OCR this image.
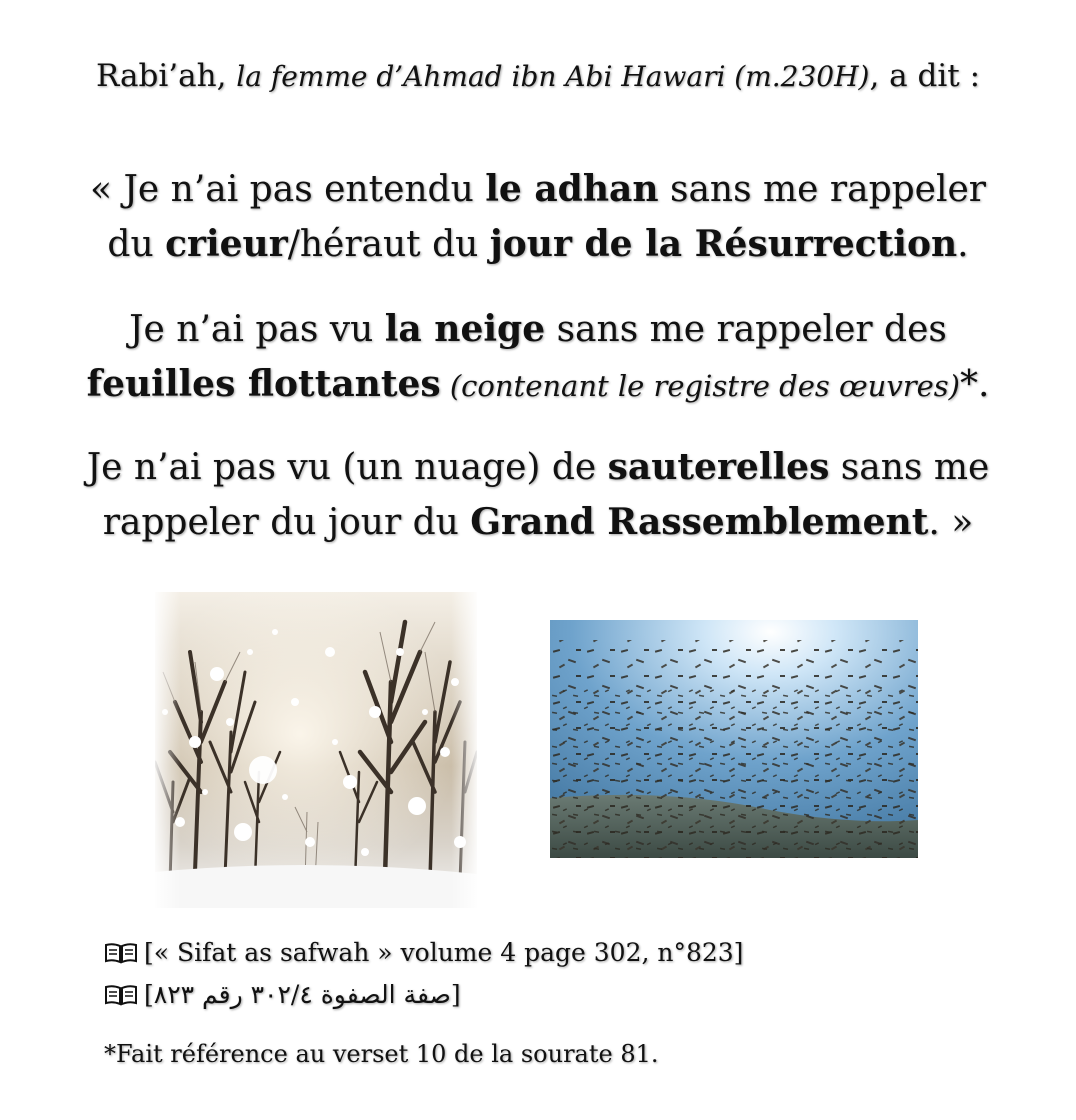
Rabi’ah, la femme d’Ahmad ibn Abi Hawari (m.230H), a dit :

« Je n’ai pas entendu le adhan sans me rappeler
du crieur/héraut du jour de la Résurrection.

Je n’ai pas vu la neige sans me rappeler des
feuilles flottantes (contenant le registre des œuvres)*.

Je n’ai pas vu (un nuage) de sauterelles sans me
rappeler du jour du Grand Rassemblement. »

[« Sifat as safwah » volume 4 page 302, n°823]
[صفة الصفوة ٣٠٢/٤ رقم ٨٢٣]
*Fait référence au verset 10 de la sourate 81.
